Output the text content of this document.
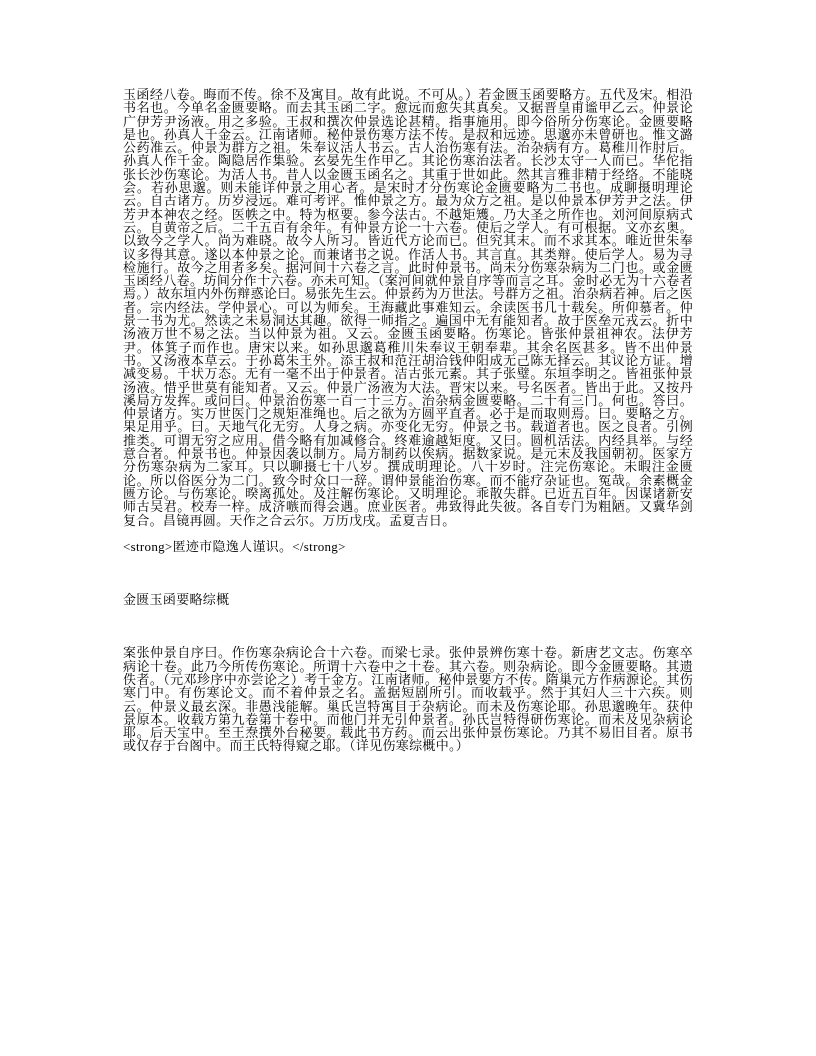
玉函经八卷。晦而不传。徐不及寓目。故有此说。不可从。）若金匮玉函要略方。五代及宋。相沿书名也。今单名金匮要略。而去其玉函二字。愈远而愈失其真矣。又据晋皇甫谧甲乙云。仲景论广伊芳尹汤液。用之多验。王叔和撰次仲景选论甚精。指事施用。即今俗所分伤寒论。金匮要略是也。孙真人千金云。江南诸师。秘仲景伤寒方法不传。是叔和远迹。思邈亦未曾研也。惟文潞公药准云。仲景为群方之祖。朱奉议活人书云。古人治伤寒有法。治杂病有方。葛稚川作肘后。孙真人作千金。陶隐居作集验。玄晏先生作甲乙。其论伤寒治法者。长沙太守一人而已。华佗指张长沙伤寒论。为活人书。昔人以金匮玉函名之。其重于世如此。然其言雅非精于经络。不能晓会。若孙思邈。则未能详仲景之用心者。是宋时才分伤寒论金匮要略为二书也。成聊摄明理论云。自古诸方。历岁浸远。难可考评。惟仲景之方。最为众方之祖。是以仲景本伊芳尹之法。伊芳尹本神农之经。医帙之中。特为枢要。参今法古。不越矩矱。乃大圣之所作也。刘河间原病式云。自黄帝之后。二千五百有余年。有仲景方论一十六卷。使后之学人。有可根据。文亦玄奥。以致今之学人。尚为难晓。故今人所习。皆近代方论而已。但究其末。而不求其本。唯近世朱奉议多得其意。遂以本仲景之论。而兼诸书之说。作活人书。其言直。其类辩。使后学人。易为寻检施行。故今之用者多矣。据河间十六卷之言。此时仲景书。尚未分伤寒杂病为二门也。或金匮玉函经八卷。坊间分作十六卷。亦未可知。（案河间就仲景自序等而言之耳。金时必无为十六卷者焉。）故东垣内外伤辩惑论曰。易张先生云。仲景药为万世法。号群方之祖。治杂病若神。后之医者。宗内经法。学仲景心。可以为师矣。王海藏此事难知云。余读医书几十载矣。所仰慕者。仲景一书为尤。然读之未易洞达其趣。欲得一师指之。遍国中无有能知者。故于医垒元戎云。折中汤液万世不易之法。当以仲景为祖。又云。金匮玉函要略。伤寒论。皆张仲景祖神农。法伊芳尹。体箕子而作也。唐宋以来。如孙思邈葛稚川朱奉议王朝奉辈。其余名医甚多。皆不出仲景书。又汤液本草云。于孙葛朱王外。添王叔和范汪胡洽钱仲阳成无己陈无择云。其议论方证。增减变易。千状万态。无有一毫不出于仲景者。洁古张元素。其子张璧。东垣李明之。皆祖张仲景汤液。惜乎世莫有能知者。又云。仲景广汤液为大法。晋宋以来。号名医者。皆出于此。又按丹溪局方发挥。或问曰。仲景治伤寒一百一十三方。治杂病金匮要略。二十有三门。何也。答曰。仲景诸方。实万世医门之规矩准绳也。后之欲为方圆平直者。必于是而取则焉。曰。要略之方。果足用乎。曰。天地气化无穷。人身之病。亦变化无穷。仲景之书。载道者也。医之良者。引例推类。可谓无穷之应用。借今略有加减修合。终难逾越矩度。又曰。圆机活法。内经具举。与经意合者。仲景书也。仲景因袭以制方。局方制药以俟病。据数家说。是元末及我国朝初。医家方分伤寒杂病为二家耳。只以聊摄七十八岁。撰成明理论。八十岁时。注完伤寒论。未暇注金匮论。所以俗医分为二门。致今时众口一辞。谓仲景能治伤寒。而不能疗杂证也。冤哉。余素概金匮方论。与伤寒论。暌离孤处。及注解伤寒论。又明理论。乖散失群。已近五百年。因谋诸新安师古吴君。校寿一梓。成济嗾而得会遇。庶业医者。弗致得此失彼。各自专门为粗陋。又冀华剑复合。昌镜再圆。天作之合云尔。万历戊戌。孟夏吉日。

<strong>匿迹市隐逸人谨识。</strong>

金匮玉函要略综概

案张仲景自序曰。作伤寒杂病论合十六卷。而梁七录。张仲景辨伤寒十卷。新唐艺文志。伤寒卒病论十卷。此乃今所传伤寒论。所谓十六卷中之十卷。其六卷。则杂病论。即今金匮要略。其遗佚者。（元邓珍序中亦尝论之）考千金方。江南诸师。秘仲景要方不传。隋巢元方作病源论。其伤寒门中。有伤寒论文。而不着仲景之名。盖据短剧所引。而收载乎。然于其妇人三十六疾。则云。仲景义最玄深。非愚浅能解。巢氏岂特寓目于杂病论。而未及伤寒论耶。孙思邈晚年。获仲景原本。收载方第九卷第十卷中。而他门并无引仲景者。孙氏岂特得研伤寒论。而未及见杂病论耶。后天宝中。至王焘撰外台秘要。载此书方药。而云出张仲景伤寒论。乃其不易旧目者。原书或仅存于台阁中。而王氏特得窥之耶。（详见伤寒综概中。）
